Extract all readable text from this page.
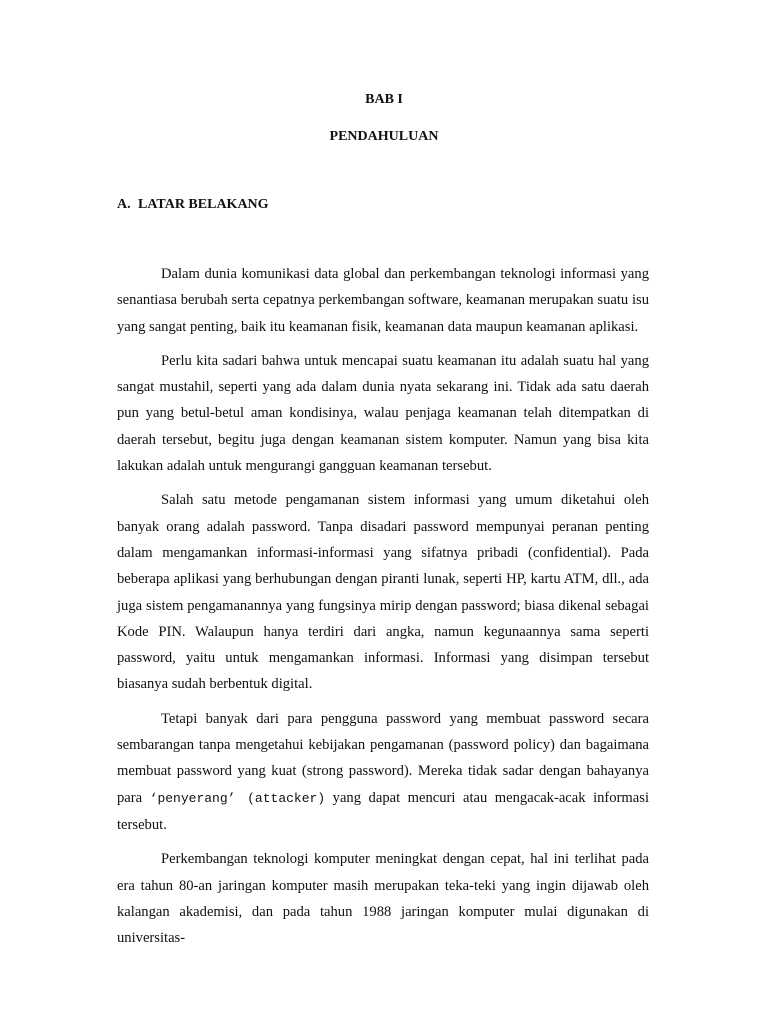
BAB I

PENDAHULUAN

A. LATAR BELAKANG

Dalam dunia komunikasi data global dan perkembangan teknologi informasi yang senantiasa berubah serta cepatnya perkembangan software, keamanan merupakan suatu isu yang sangat penting, baik itu keamanan fisik, keamanan data maupun keamanan aplikasi.

Perlu kita sadari bahwa untuk mencapai suatu keamanan itu adalah suatu hal yang sangat mustahil, seperti yang ada dalam dunia nyata sekarang ini. Tidak ada satu daerah pun yang betul-betul aman kondisinya, walau penjaga keamanan telah ditempatkan di daerah tersebut, begitu juga dengan keamanan sistem komputer. Namun yang bisa kita lakukan adalah untuk mengurangi gangguan keamanan tersebut.

Salah satu metode pengamanan sistem informasi yang umum diketahui oleh banyak orang adalah password. Tanpa disadari password mempunyai peranan penting dalam mengamankan informasi-informasi yang sifatnya pribadi (confidential). Pada beberapa aplikasi yang berhubungan dengan piranti lunak, seperti HP, kartu ATM, dll., ada juga sistem pengamanannya yang fungsinya mirip dengan password; biasa dikenal sebagai Kode PIN. Walaupun hanya terdiri dari angka, namun kegunaannya sama seperti password, yaitu untuk mengamankan informasi. Informasi yang disimpan tersebut biasanya sudah berbentuk digital.

Tetapi banyak dari para pengguna password yang membuat password secara sembarangan tanpa mengetahui kebijakan pengamanan (password policy) dan bagaimana membuat password yang kuat (strong password). Mereka tidak sadar dengan bahayanya para ‘penyerang’ (attacker) yang dapat mencuri atau mengacak-acak informasi tersebut.

Perkembangan teknologi komputer meningkat dengan cepat, hal ini terlihat pada era tahun 80-an jaringan komputer masih merupakan teka-teki yang ingin dijawab oleh kalangan akademisi, dan pada tahun 1988 jaringan komputer mulai digunakan di universitas-
